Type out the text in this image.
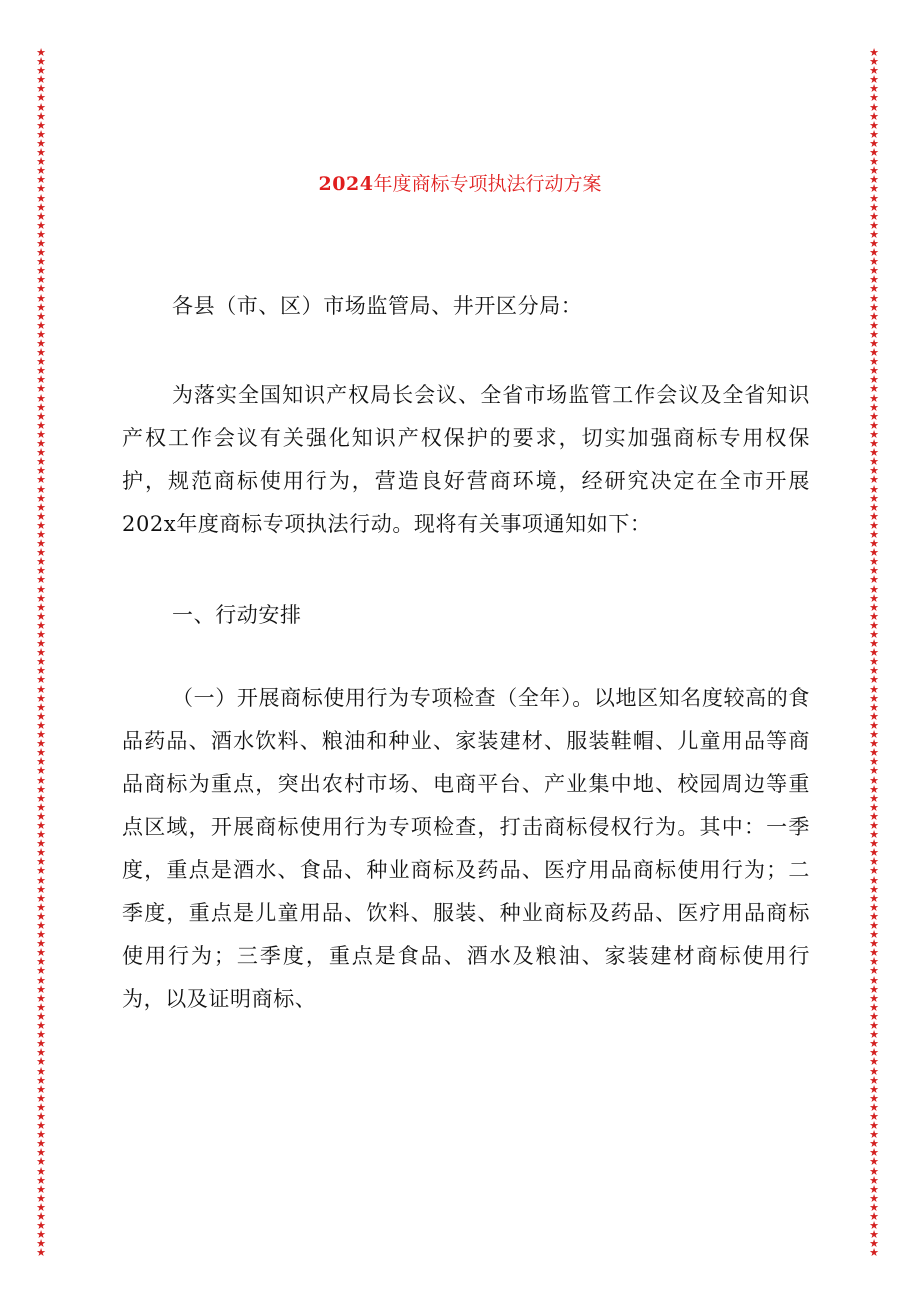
★
★
★
★
★
★
★
★
★
★
★
★
★
★
★
★
★
★
★
★
★
★
★
★
★
★
★
★
★
★
★
★
★
★
★
★
★
★
★
★
★
★
★
★
★
★
★
★
★
★
★
★
★
★
★
★
★
★
★
★
★
★
★
★
★
★
★
★
★
★
★
★
★
★
★
★
★
★
★
★
★
★
★
★
★
★
★
★
★
★
★
★
★
★
★
★
★
★
★
★
★
★
★
★
★
★
★
★
★
★
★
★
★
★
★
★
★
★
★
★
★
★
★
★
★
★
★
★
★
★
★
★
★
★
★
★
★
★
★
★
★
★
★
★
★
★
★
★
★
★
★
★
★
★
★
★
★
★
★
★
★
★
★
★
★
★
★
★
★
★
★
★
★
★
★
★
★
★
★
★
★
★
★
★
★
★
★
★
★
★
★
★
★
★
★
★
★
★
★
★
★
★
★
★
★
★
★
★
★
★
★
★
★
★
★
★
★
★
★
★
★
★
★
★
★
★
★
★
★
★
★
★
★
★
★
★
★
★
★
★
★
★
★
★
★
★
★
★
★
★
★
★
★
★
★
★
★
★
★
★
★
★
★
★
★
★
2024年度商标专项执法行动方案

各县（市、区）市场监管局、井开区分局：

为落实全国知识产权局长会议、全省市场监管工作会议及全省知识产权工作会议有关强化知识产权保护的要求，切实加强商标专用权保护，规范商标使用行为，营造良好营商环境，经研究决定在全市开展202x年度商标专项执法行动。现将有关事项通知如下：

一、行动安排

（一）开展商标使用行为专项检查（全年）。以地区知名度较高的食品药品、酒水饮料、粮油和种业、家装建材、服装鞋帽、儿童用品等商品商标为重点，突出农村市场、电商平台、产业集中地、校园周边等重点区域，开展商标使用行为专项检查，打击商标侵权行为。其中：一季度，重点是酒水、食品、种业商标及药品、医疗用品商标使用行为；二季度，重点是儿童用品、饮料、服装、种业商标及药品、医疗用品商标使用行为；三季度，重点是食品、酒水及粮油、家装建材商标使用行为，以及证明商标、
